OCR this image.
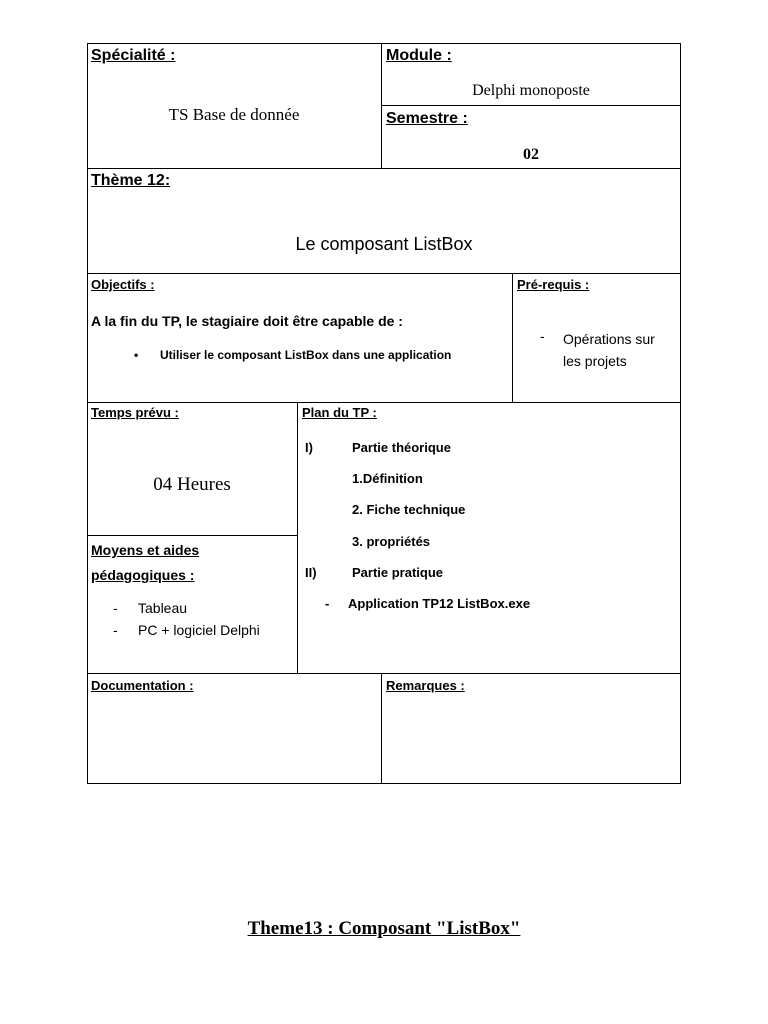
Spécialité :
TS Base de donnée
Module :
Delphi monoposte
Semestre :
02
Thème 12:
Le composant ListBox
Objectifs :
A la fin du TP, le stagiaire doit être capable de :
• Utiliser le composant ListBox dans une application
Pré-requis :
- Opérations sur
les projets
Temps prévu :
04 Heures
Moyens et aides
pédagogiques :
- Tableau
- PC + logiciel Delphi
Plan du TP :
I)	Partie théorique
1.Définition
2. Fiche technique
3. propriétés
II)	Partie pratique
- Application TP12 ListBox.exe
Documentation :	Remarques :
Theme13 : Composant "ListBox"
